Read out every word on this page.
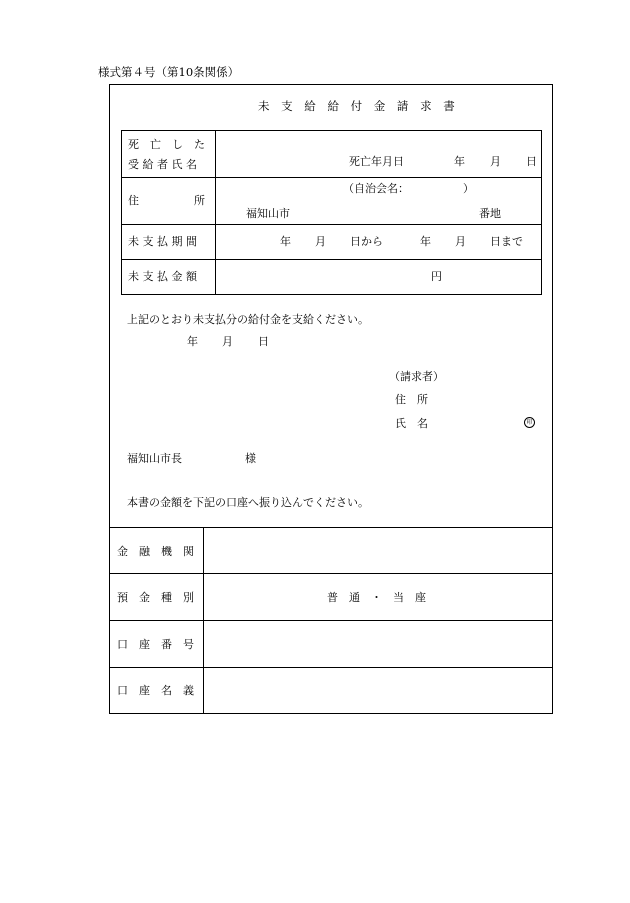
様式第４号（第10条関係）
未 支 給 給 付 金 請 求 書
死　亡　し　た
受 給 者 氏 名	死亡年月日	年 月 日
住　　　　　所
（自治会名：	）
福知山市	番地
未 支 払 期 間	年 月 日から	年 月 日まで
未 支 払 金 額	円
上記のとおり未支払分の給付金を支給ください。
年 月 日
（請求者）
住　所
氏　名	印
福知山市長	様
本書の金額を下記の口座へ振り込んでください。
金　融　機　関
預　金　種　別	普　通　・　当　座
口　座　番　号
口　座　名　義
